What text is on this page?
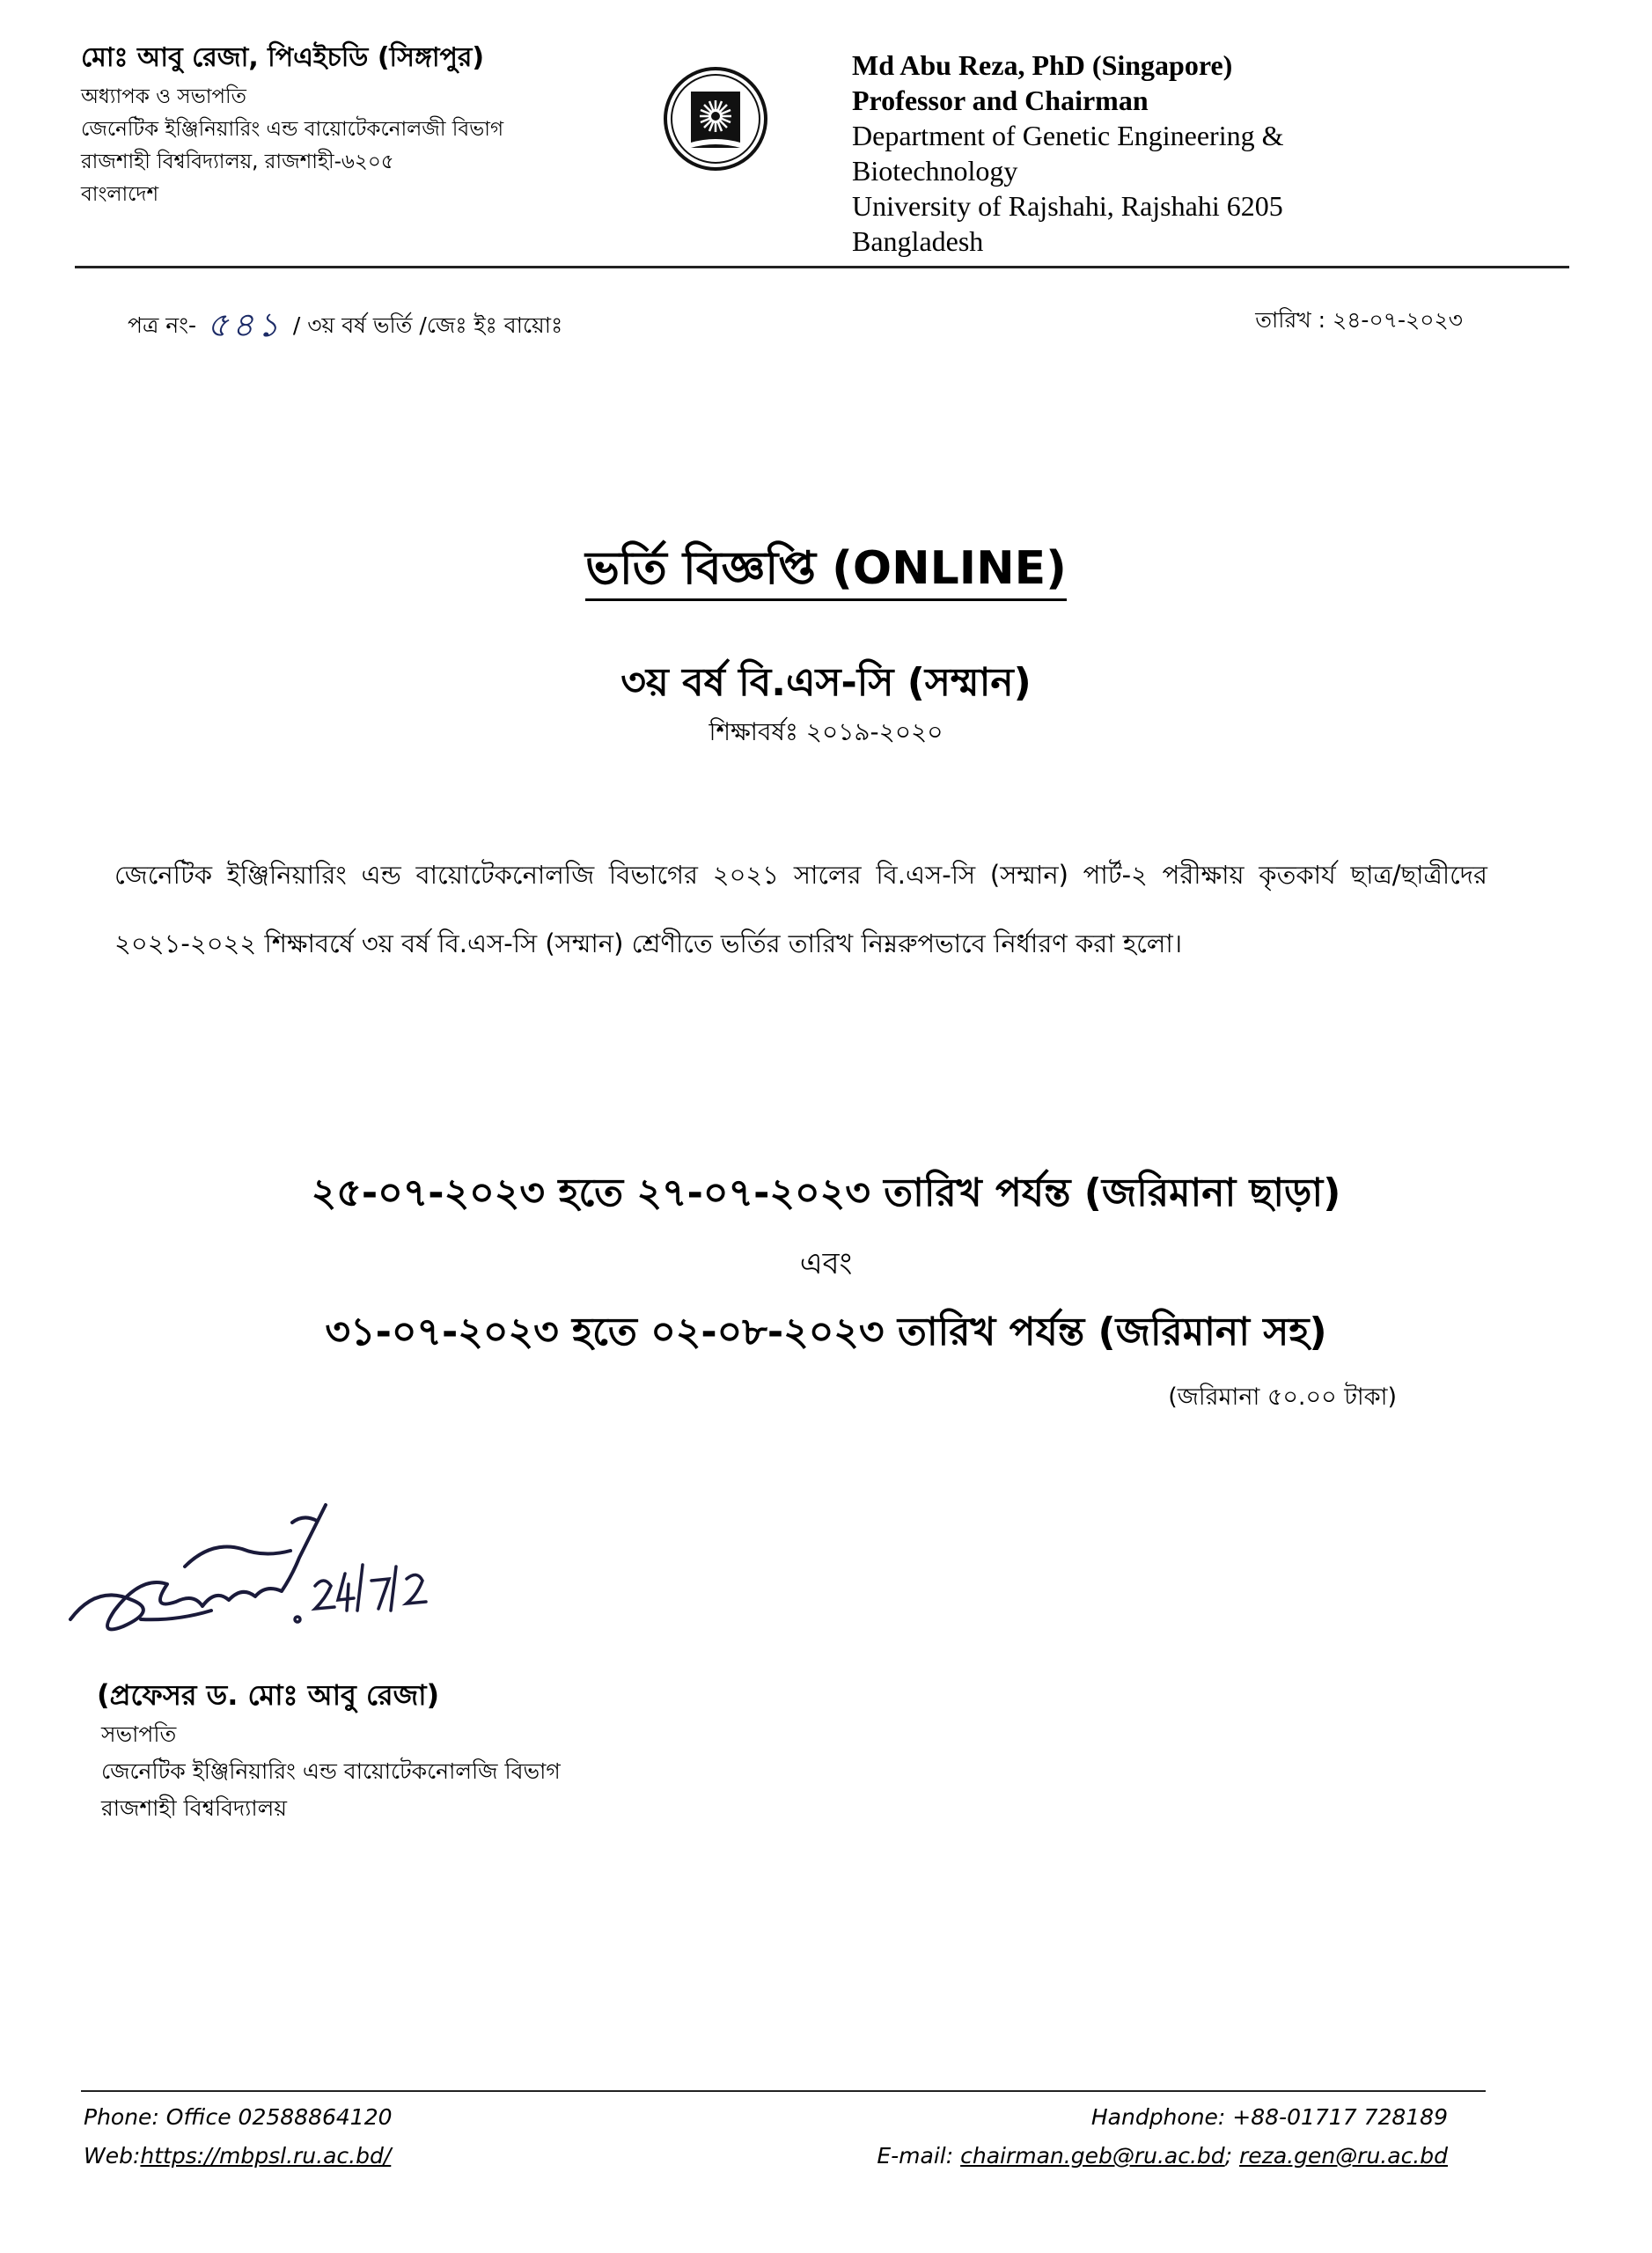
মোঃ আবু রেজা, পিএইচডি (সিঙ্গাপুর)
অধ্যাপক ও সভাপতি
জেনেটিক ইঞ্জিনিয়ারিং এন্ড বায়োটেকনোলজী বিভাগ
রাজশাহী বিশ্ববিদ্যালয়, রাজশাহী-৬২০৫
বাংলাদেশ
Md Abu Reza, PhD (Singapore)
Professor and Chairman
Department of Genetic Engineering &
Biotechnology
University of Rajshahi, Rajshahi 6205
Bangladesh
পত্র নং- ৫৪১ / ৩য় বর্ষ ভর্তি /জেঃ ইঃ বায়োঃ	তারিখ : ২৪-০৭-২০২৩
ভর্তি বিজ্ঞপ্তি (ONLINE)
৩য় বর্ষ বি.এস-সি (সম্মান)
শিক্ষাবর্ষঃ ২০১৯-২০২০
জেনেটিক ইঞ্জিনিয়ারিং এন্ড বায়োটেকনোলজি বিভাগের ২০২১ সালের বি.এস-সি (সম্মান) পার্ট-২ পরীক্ষায় কৃতকার্য ছাত্র/ছাত্রীদের ২০২১-২০২২ শিক্ষাবর্ষে ৩য় বর্ষ বি.এস-সি (সম্মান) শ্রেণীতে ভর্তির তারিখ নিম্নরুপভাবে নির্ধারণ করা হলো।
২৫-০৭-২০২৩ হতে ২৭-০৭-২০২৩ তারিখ পর্যন্ত (জরিমানা ছাড়া)
এবং
৩১-০৭-২০২৩ হতে ০২-০৮-২০২৩ তারিখ পর্যন্ত (জরিমানা সহ)
(জরিমানা ৫০.০০ টাকা)
(প্রফেসর ড. মোঃ আবু রেজা)
সভাপতি
জেনেটিক ইঞ্জিনিয়ারিং এন্ড বায়োটেকনোলজি বিভাগ
রাজশাহী বিশ্ববিদ্যালয়
Phone: Office 02588864120
Web:https://mbpsl.ru.ac.bd/
Handphone: +88-01717 728189
E-mail: chairman.geb@ru.ac.bd; reza.gen@ru.ac.bd
